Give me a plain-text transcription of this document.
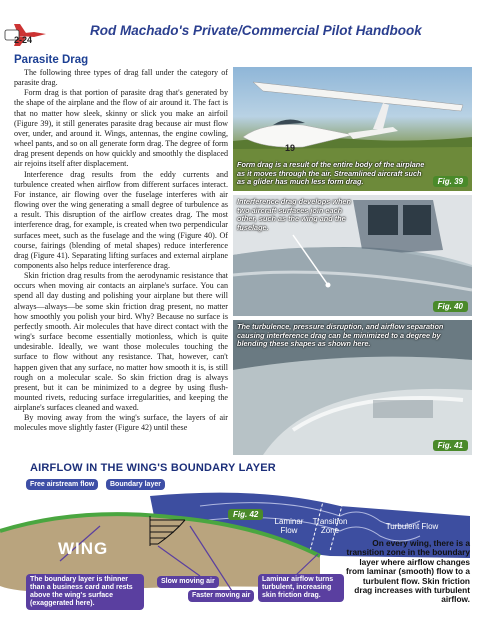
2-24
Rod Machado's Private/Commercial Pilot Handbook
Parasite Drag

The following three types of drag fall under the category of parasite drag.

Form drag is that portion of parasite drag that's generated by the shape of the airplane and the flow of air around it. The fact is that no matter how sleek, skinny or slick you make an airfoil (Figure 39), it still generates parasite drag because air must flow over, under, and around it. Wings, antennas, the engine cowling, wheel pants, and so on all generate form drag. The degree of form drag present depends on how quickly and smoothly the displaced air rejoins itself after displacement.

Interference drag results from the eddy currents and turbulence created when airflow from different surfaces interact. For instance, air flowing over the fuselage interferes with air flowing over the wing generating a small degree of turbulence as a result. This disruption of the airflow creates drag. The most interference drag, for example, is created when two perpendicular surfaces meet, such as the fuselage and the wing (Figure 40). Of course, fairings (blending of metal shapes) reduce interference drag (Figure 41). Separating lifting surfaces and external airplane components also helps reduce interference drag.

Skin friction drag results from the aerodynamic resistance that occurs when moving air contacts an airplane's surface. You can spend all day dusting and polishing your airplane but there will always—always—be some skin friction drag present, no matter how smoothly you polish your bird. Why? Because no surface is perfectly smooth. Air molecules that have direct contact with the wing's surface become essentially motionless, which is quite undesirable. Ideally, we want those molecules touching the surface to flow without any resistance. That, however, can't happen given that any surface, no matter how smooth it is, is still rough on a molecular scale. So skin friction drag is always present, but it can be minimized to a degree by using flush-mounted rivets, reducing surface irregularities, and keeping the airplane's surfaces cleaned and waxed.

By moving away from the wing's surface, the layers of air molecules move slightly faster (Figure 42) until these

19
Form drag is a result of the entire body of the airplane as it moves through the air. Streamlined aircraft such as a glider has much less form drag.	Fig. 39
Interference drag develops when two aircraft surfaces join each other, such as the wing and the fuselage.
Fig. 40
The turbulence, pressure disruption, and airflow separation causing interference drag can be minimized to a degree by blending these shapes as shown here.
Fig. 41
AIRFLOW IN THE WING'S BOUNDARY LAYER
Free airstream flow	Boundary layer
Fig. 42
WING
The boundary layer is thinner than a business card and rests above the wing's surface (exaggerated here).
Slow moving air
Faster moving air
Laminar airflow turns turbulent, increasing skin friction drag.
Laminar Flow
Transition Zone	Turbulent Flow
On every wing, there is a transition zone in the boundary layer where airflow changes from laminar (smooth) flow to a turbulent flow. Skin friction drag increases with turbulent airflow.
